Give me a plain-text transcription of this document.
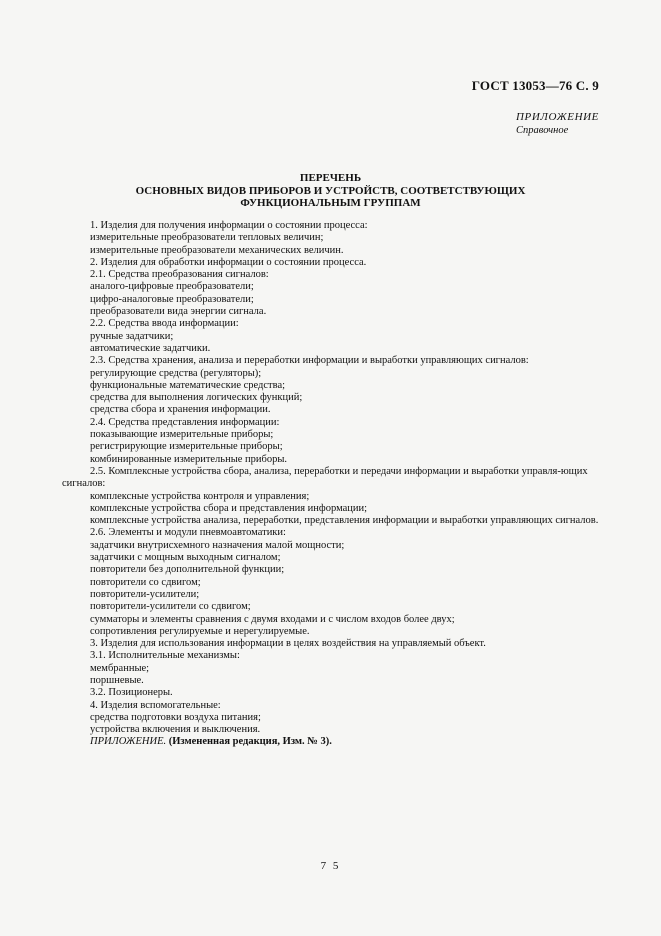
ГОСТ 13053—76 С. 9
ПРИЛОЖЕНИЕ
Справочное
ПЕРЕЧЕНЬ
ОСНОВНЫХ ВИДОВ ПРИБОРОВ И УСТРОЙСТВ, СООТВЕТСТВУЮЩИХ
ФУНКЦИОНАЛЬНЫМ ГРУППАМ

1. Изделия для получения информации о состоянии процесса:

измерительные преобразователи тепловых величин;

измерительные преобразователи механических величин.

2. Изделия для обработки информации о состоянии процесса.

2.1. Средства преобразования сигналов:

аналого-цифровые преобразователи;

цифро-аналоговые преобразователи;

преобразователи вида энергии сигнала.

2.2. Средства ввода информации:

ручные задатчики;

автоматические задатчики.

2.3. Средства хранения, анализа и переработки информации и выработки управляющих сигналов:

регулирующие средства (регуляторы);

функциональные математические средства;

средства для выполнения логических функций;

средства сбора и хранения информации.

2.4. Средства представления информации:

показывающие измерительные приборы;

регистрирующие измерительные приборы;

комбинированные измерительные приборы.

2.5. Комплексные устройства сбора, анализа, переработки и передачи информации и выработки управля-ющих сигналов:

комплексные устройства контроля и управления;

комплексные устройства сбора и представления информации;

комплексные устройства анализа, переработки, представления информации и выработки управляющих сигналов.

2.6. Элементы и модули пневмоавтоматики:

задатчики внутрисхемного назначения малой мощности;

задатчики с мощным выходным сигналом;

повторители без дополнительной функции;

повторители со сдвигом;

повторители-усилители;

повторители-усилители со сдвигом;

сумматоры и элементы сравнения с двумя входами и с числом входов более двух;

сопротивления регулируемые и нерегулируемые.

3. Изделия для использования информации в целях воздействия на управляемый объект.

3.1. Исполнительные механизмы:

мембранные;

поршневые.

3.2. Позиционеры.

4. Изделия вспомогательные:

средства подготовки воздуха питания;

устройства включения и выключения.

ПРИЛОЖЕНИЕ. (Измененная редакция, Изм. № 3).

7 5
